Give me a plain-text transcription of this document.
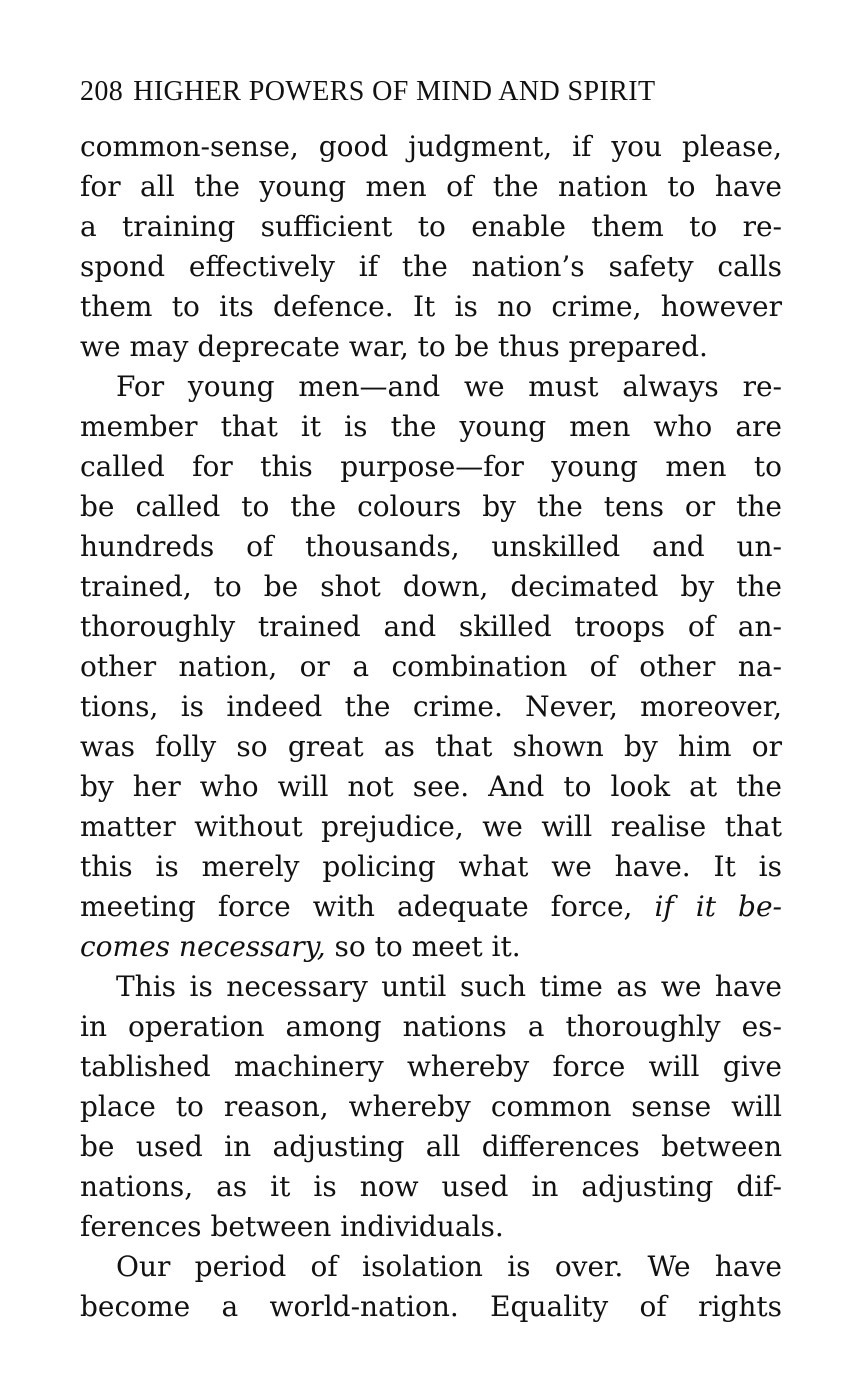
208 HIGHER POWERS OF MIND AND SPIRIT
common-sense, good judgment, if you please,
for all the young men of the nation to have
a training sufficient to enable them to re-
spond effectively if the nation’s safety calls
them to its defence. It is no crime, however
we may deprecate war, to be thus prepared.
For young men—and we must always re-
member that it is the young men who are
called for this purpose—for young men to
be called to the colours by the tens or the
hundreds of thousands, unskilled and un-
trained, to be shot down, decimated by the
thoroughly trained and skilled troops of an-
other nation, or a combination of other na-
tions, is indeed the crime. Never, moreover,
was folly so great as that shown by him or
by her who will not see. And to look at the
matter without prejudice, we will realise that
this is merely policing what we have. It is
meeting force with adequate force, if it be-
comes necessary, so to meet it.
This is necessary until such time as we have
in operation among nations a thoroughly es-
tablished machinery whereby force will give
place to reason, whereby common sense will
be used in adjusting all differences between
nations, as it is now used in adjusting dif-
ferences between individuals.
Our period of isolation is over. We have
become a world-nation. Equality of rights
